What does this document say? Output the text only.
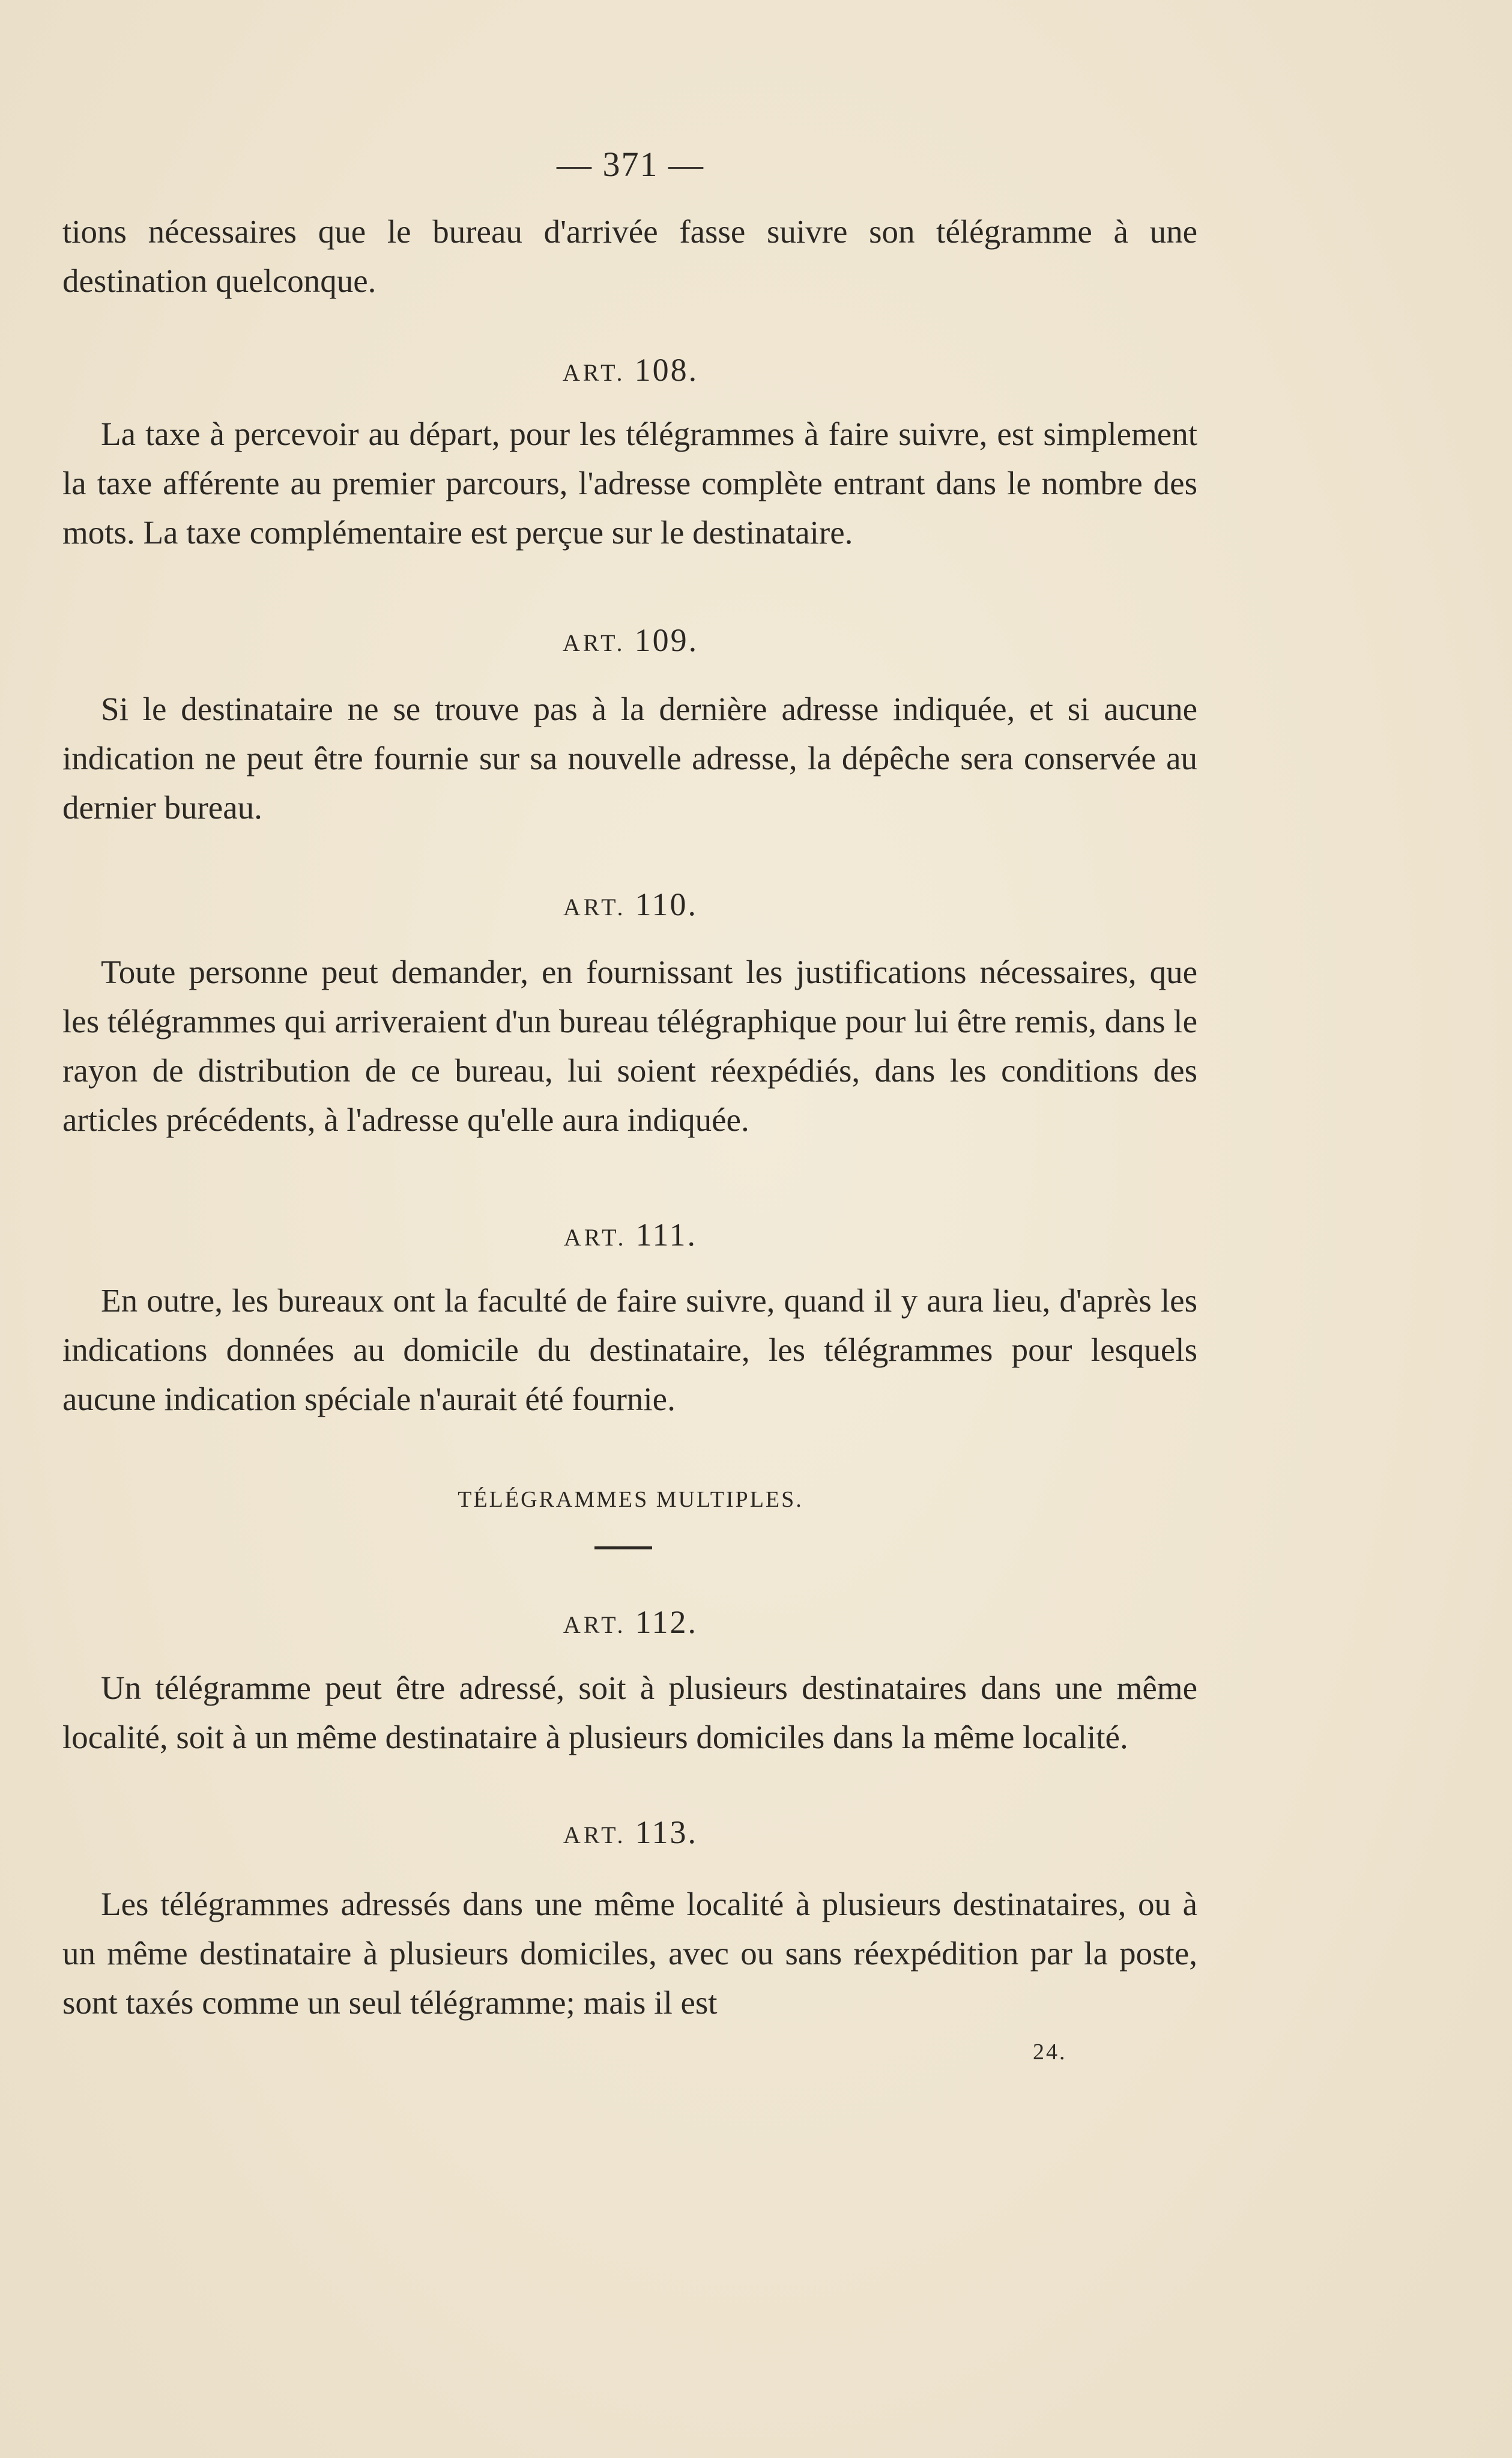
— 371 —

tions nécessaires que le bureau d'arrivée fasse suivre son télégramme à une destination quelconque.

ART. 108.

La taxe à percevoir au départ, pour les télégrammes à faire suivre, est simplement la taxe afférente au premier parcours, l'adresse complète entrant dans le nombre des mots. La taxe complémentaire est perçue sur le destinataire.

ART. 109.

Si le destinataire ne se trouve pas à la dernière adresse indiquée, et si aucune indication ne peut être fournie sur sa nouvelle adresse, la dépêche sera conservée au dernier bureau.

ART. 110.

Toute personne peut demander, en fournissant les justifications nécessaires, que les télégrammes qui arriveraient d'un bureau télégraphique pour lui être remis, dans le rayon de distribution de ce bureau, lui soient réexpédiés, dans les conditions des articles précédents, à l'adresse qu'elle aura indiquée.

ART. 111.

En outre, les bureaux ont la faculté de faire suivre, quand il y aura lieu, d'après les indications données au domicile du destinataire, les télégrammes pour lesquels aucune indication spéciale n'aurait été fournie.

TÉLÉGRAMMES MULTIPLES.
ART. 112.

Un télégramme peut être adressé, soit à plusieurs destinataires dans une même localité, soit à un même destinataire à plusieurs domiciles dans la même localité.

ART. 113.

Les télégrammes adressés dans une même localité à plusieurs destinataires, ou à un même destinataire à plusieurs domiciles, avec ou sans réexpédition par la poste, sont taxés comme un seul télégramme; mais il est

24.
